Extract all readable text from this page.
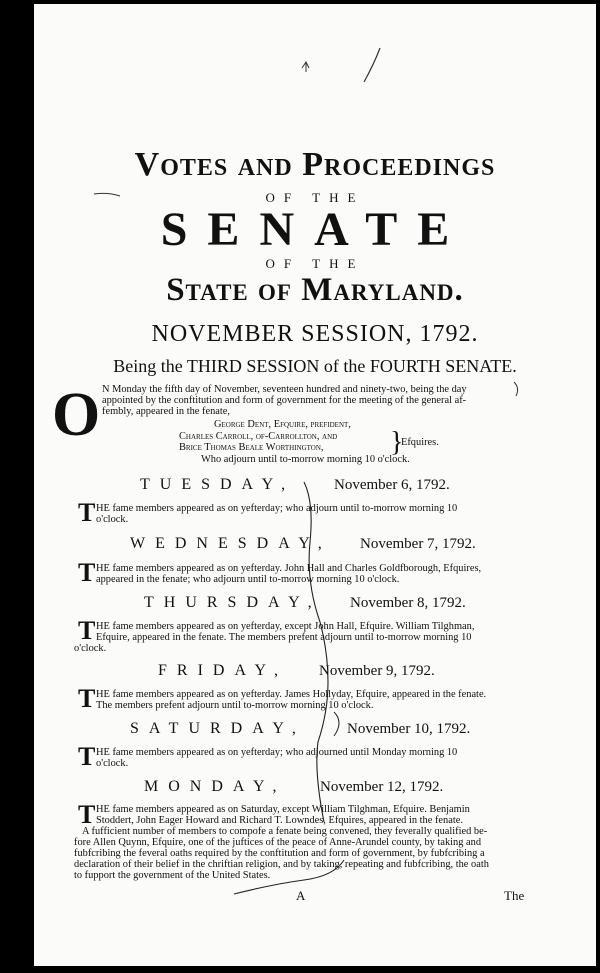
Votes and Proceedings
OF THE
SENATE
OF THE
State of Maryland.
NOVEMBER SESSION, 1792.
Being the THIRD SESSION of the FOURTH SENATE.
O N Monday the fifth day of November, seventeen hundred and ninety-two, being the day
appointed by the conftitution and form of government for the meeting of the general af-
fembly, appeared in the fenate,
George Dent, Efquire, prefident,
Charles Carroll, of-Carrollton, and
Brice Thomas Beale Worthington, }
Efquires.
Who adjourn until to-morrow morning 10 o'clock.
TUESDAY,	November 6, 1792.
T HE fame members appeared as on yefterday; who adjourn until to-morrow morning 10
o'clock.
WEDNESDAY, November 7, 1792.
T HE fame members appeared as on yefterday. John Hall and Charles Goldfborough, Efquires,
appeared in the fenate; who adjourn until to-morrow morning 10 o'clock.
THURSDAY, November 8, 1792.
T HE fame members appeared as on yefterday, except John Hall, Efquire. William Tilghman,
Efquire, appeared in the fenate. The members prefent adjourn until to-morrow morning 10
o'clock.
FRIDAY, November 9, 1792.
T HE fame members appeared as on yefterday. James Hollyday, Efquire, appeared in the fenate.
The members prefent adjourn until to-morrow morning 10 o'clock.
SATURDAY,	November 10, 1792.
T HE fame members appeared as on yefterday; who adjourned until Monday morning 10
o'clock.
MONDAY, November 12, 1792.
T HE fame members appeared as on Saturday, except William Tilghman, Efquire. Benjamin
Stoddert, John Eager Howard and Richard T. Lowndes, Efquires, appeared in the fenate.
A fufficient number of members to compofe a fenate being convened, they feverally qualified be-
fore Allen Quynn, Efquire, one of the juftices of the peace of Anne-Arundel county, by taking and
fubfcribing the feveral oaths required by the conftitution and form of government, by fubfcribing a
declaration of their belief in the chriftian religion, and by taking, repeating and fubfcribing, the oath
to fupport the government of the United States.
A	The
